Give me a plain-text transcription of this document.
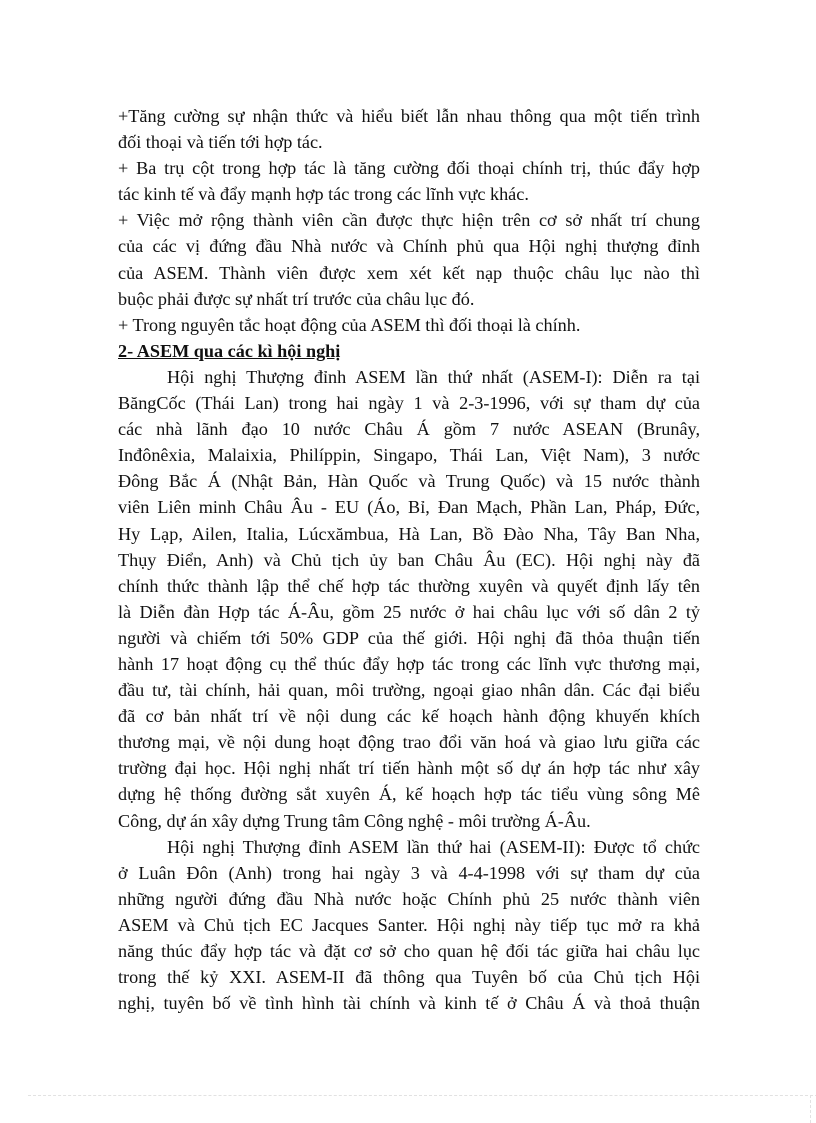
+Tăng cường sự nhận thức và hiểu biết lẫn nhau thông qua một tiến trình
đối thoại và tiến tới hợp tác.
+ Ba trụ cột trong hợp tác là tăng cường đối thoại chính trị, thúc đẩy hợp
tác kinh tế và đẩy mạnh hợp tác trong các lĩnh vực khác.
+ Việc mở rộng thành viên cần được thực hiện trên cơ sở nhất trí chung
của các vị đứng đầu Nhà nước và Chính phủ qua Hội nghị thượng đỉnh
của ASEM. Thành viên được xem xét kết nạp thuộc châu lục nào thì
buộc phải được sự nhất trí trước của châu lục đó.
+ Trong nguyên tắc hoạt động của ASEM thì đối thoại là chính.
2- ASEM qua các kì hội nghị
Hội nghị Thượng đỉnh ASEM lần thứ nhất (ASEM-I): Diễn ra tại
BăngCốc (Thái Lan) trong hai ngày 1 và 2-3-1996, với sự tham dự của
các nhà lãnh đạo 10 nước Châu Á gồm 7 nước ASEAN (Brunây,
Inđônêxia, Malaixia, Philíppin, Singapo, Thái Lan, Việt Nam), 3 nước
Đông Bắc Á (Nhật Bản, Hàn Quốc và Trung Quốc) và 15 nước thành
viên Liên minh Châu Âu - EU (Áo, Bỉ, Đan Mạch, Phần Lan, Pháp, Đức,
Hy Lạp, Ailen, Italia, Lúcxămbua, Hà Lan, Bồ Đào Nha, Tây Ban Nha,
Thụy Điển, Anh) và Chủ tịch ủy ban Châu Âu (EC). Hội nghị này đã
chính thức thành lập thể chế hợp tác thường xuyên và quyết định lấy tên
là Diễn đàn Hợp tác Á-Âu, gồm 25 nước ở hai châu lục với số dân 2 tỷ
người và chiếm tới 50% GDP của thế giới. Hội nghị đã thỏa thuận tiến
hành 17 hoạt động cụ thể thúc đẩy hợp tác trong các lĩnh vực thương mại,
đầu tư, tài chính, hải quan, môi trường, ngoại giao nhân dân. Các đại biểu
đã cơ bản nhất trí về nội dung các kế hoạch hành động khuyến khích
thương mại, về nội dung hoạt động trao đổi văn hoá và giao lưu giữa các
trường đại học. Hội nghị nhất trí tiến hành một số dự án hợp tác như xây
dựng hệ thống đường sắt xuyên Á, kế hoạch hợp tác tiểu vùng sông Mê
Công, dự án xây dựng Trung tâm Công nghệ - môi trường Á-Âu.
Hội nghị Thượng đỉnh ASEM lần thứ hai (ASEM-II): Được tổ chức
ở Luân Đôn (Anh) trong hai ngày 3 và 4-4-1998 với sự tham dự của
những người đứng đầu Nhà nước hoặc Chính phủ 25 nước thành viên
ASEM và Chủ tịch EC Jacques Santer. Hội nghị này tiếp tục mở ra khả
năng thúc đẩy hợp tác và đặt cơ sở cho quan hệ đối tác giữa hai châu lục
trong thế kỷ XXI. ASEM-II đã thông qua Tuyên bố của Chủ tịch Hội
nghị, tuyên bố về tình hình tài chính và kinh tế ở Châu Á và thoả thuận
